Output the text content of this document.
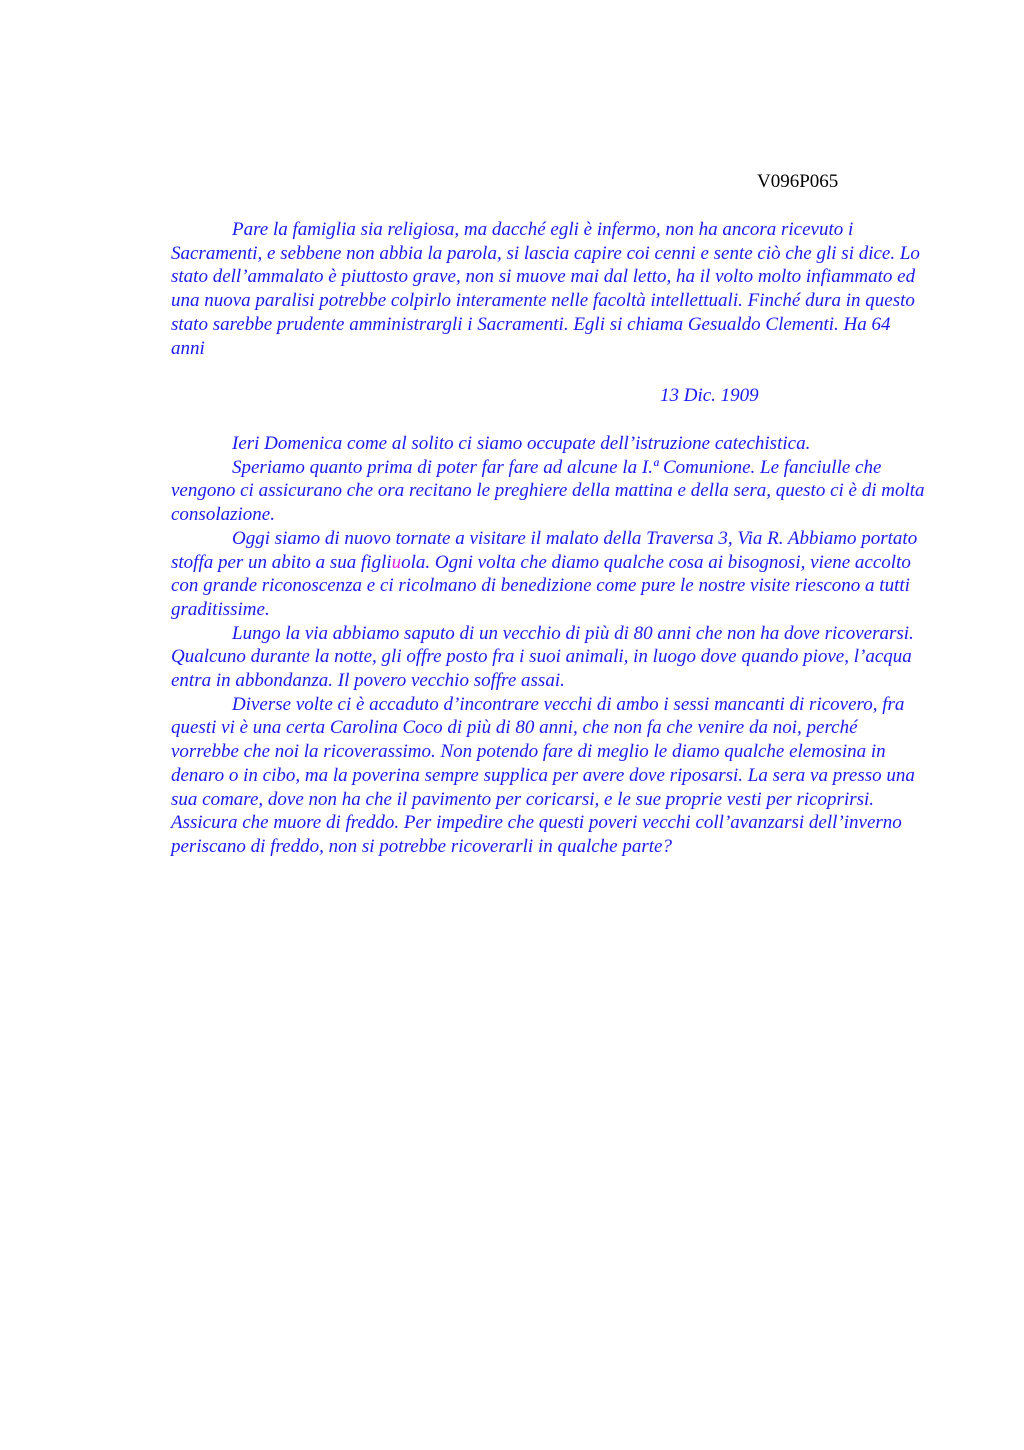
V096P065

Pare la famiglia sia religiosa, ma dacché egli è infermo, non ha ancora ricevuto i Sacramenti, e sebbene non abbia la parola, si lascia capire coi cenni e sente ciò che gli si dice. Lo stato dell’ammalato è piuttosto grave, non si muove mai dal letto, ha il volto molto infiammato ed una nuova paralisi potrebbe colpirlo interamente nelle facoltà intellettuali. Finché dura in questo stato sarebbe prudente amministrargli i Sacramenti. Egli si chiama Gesualdo Clementi. Ha 64 anni

13 Dic. 1909

Ieri Domenica come al solito ci siamo occupate dell’istruzione catechistica.

Speriamo quanto prima di poter far fare ad alcune la I.ª Comunione. Le fanciulle che vengono ci assicurano che ora recitano le preghiere della mattina e della sera, questo ci è di molta consolazione.

Oggi siamo di nuovo tornate a visitare il malato della Traversa 3, Via R. Abbiamo portato stoffa per un abito a sua figliuola. Ogni volta che diamo qualche cosa ai bisognosi, viene accolto con grande riconoscenza e ci ricolmano di benedizione come pure le nostre visite riescono a tutti graditissime.

Lungo la via abbiamo saputo di un vecchio di più di 80 anni che non ha dove ricoverarsi. Qualcuno durante la notte, gli offre posto fra i suoi animali, in luogo dove quando piove, l’acqua entra in abbondanza. Il povero vecchio soffre assai.

Diverse volte ci è accaduto d’incontrare vecchi di ambo i sessi mancanti di ricovero, fra questi vi è una certa Carolina Coco di più di 80 anni, che non fa che venire da noi, perché vorrebbe che noi la ricoverassimo. Non potendo fare di meglio le diamo qualche elemosina in denaro o in cibo, ma la poverina sempre supplica per avere dove riposarsi. La sera va presso una sua comare, dove non ha che il pavimento per coricarsi, e le sue proprie vesti per ricoprirsi. Assicura che muore di freddo. Per impedire che questi poveri vecchi coll’avanzarsi dell’inverno periscano di freddo, non si potrebbe ricoverarli in qualche parte?
